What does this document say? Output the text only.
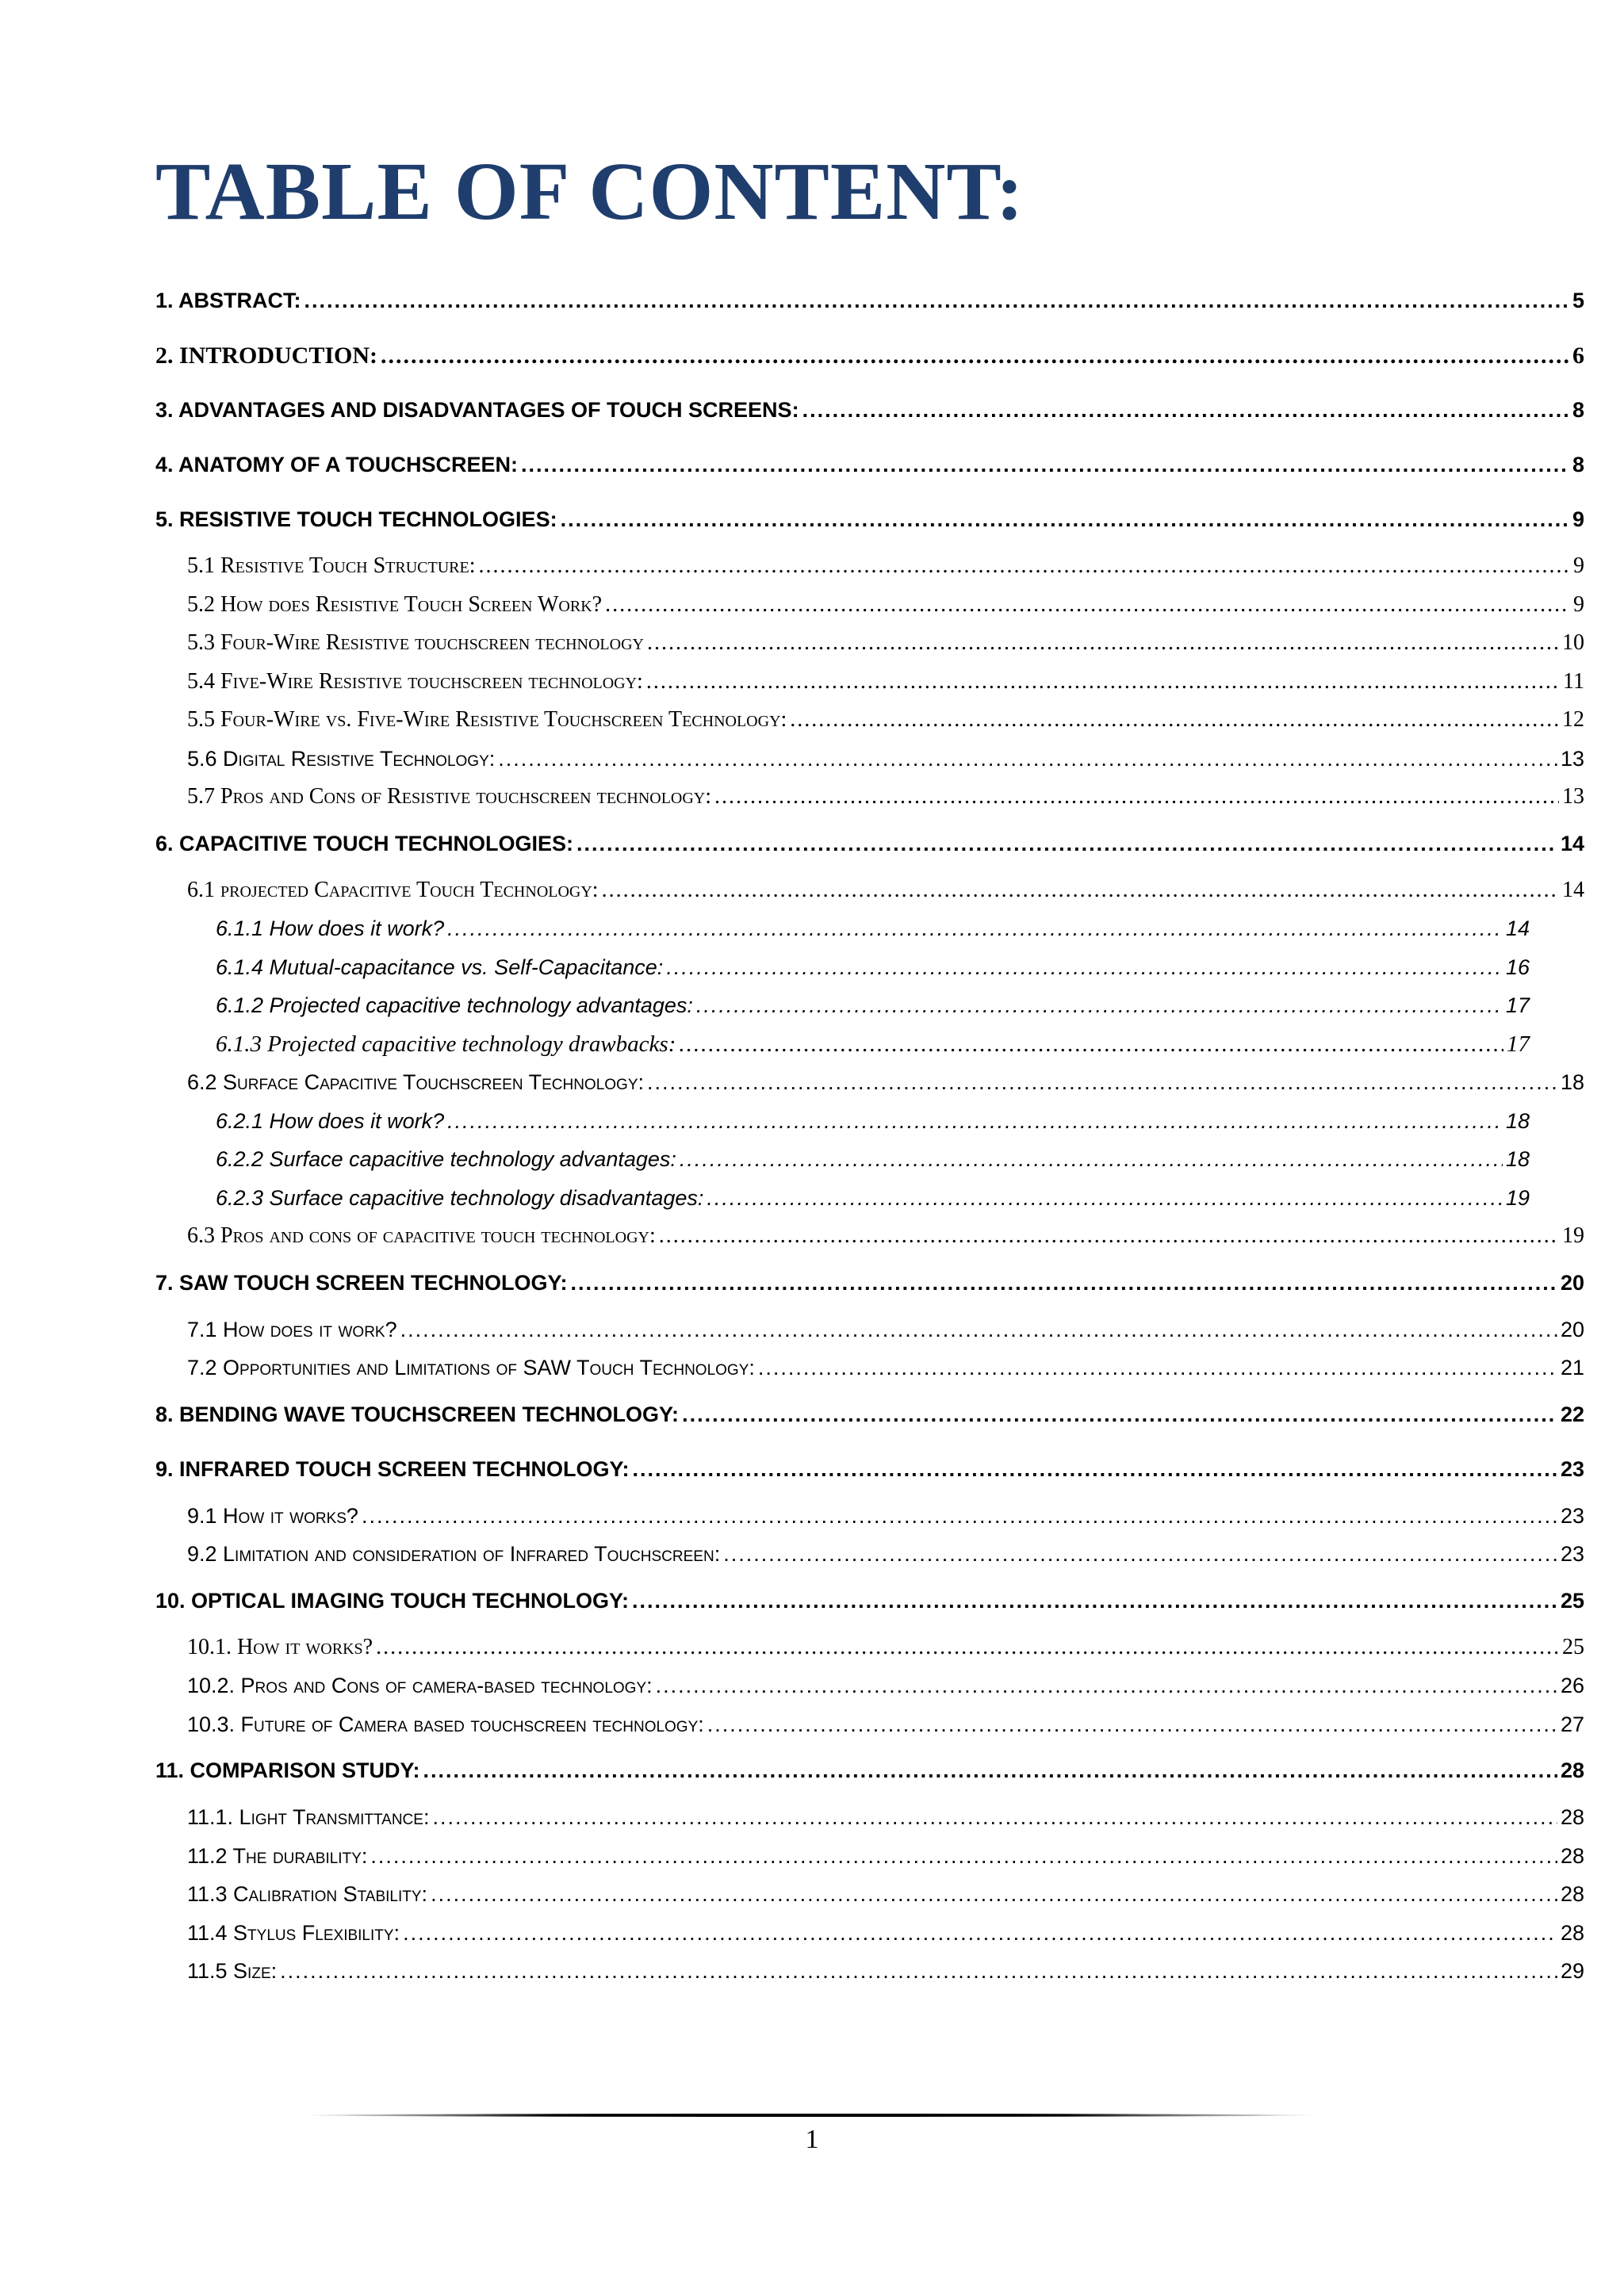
TABLE OF CONTENT:
1. ABSTRACT: .....	5
2. INTRODUCTION: .....	6
3. ADVANTAGES AND DISADVANTAGES OF TOUCH SCREENS: .....	8
4. ANATOMY OF A TOUCHSCREEN: .....	8
5. RESISTIVE TOUCH TECHNOLOGIES: .....	9
5.1 Resistive Touch Structure: .....	9
5.2 How does Resistive Touch Screen Work? .....	9
5.3 Four-Wire Resistive touchscreen technology .....	10
5.4 Five-Wire Resistive touchscreen technology: .....	11
5.5 Four-Wire vs. Five-Wire Resistive Touchscreen Technology: .....	12
5.6 Digital Resistive Technology: .....	13
5.7 Pros and Cons of Resistive touchscreen technology: .....	13
6. CAPACITIVE TOUCH TECHNOLOGIES: .....	14
6.1 projected Capacitive Touch Technology: .....	14
6.1.1 How does it work? .....	14
6.1.4 Mutual-capacitance vs. Self-Capacitance: .....	16
6.1.2 Projected capacitive technology advantages: .....	17
6.1.3 Projected capacitive technology drawbacks: .....	17
6.2 Surface Capacitive Touchscreen Technology: .....	18
6.2.1 How does it work? .....	18
6.2.2 Surface capacitive technology advantages: .....	18
6.2.3 Surface capacitive technology disadvantages: .....	19
6.3 Pros and cons of capacitive touch technology: .....	19
7. SAW TOUCH SCREEN TECHNOLOGY: .....	20
7.1 How does it work? .....	20
7.2 Opportunities and Limitations of SAW Touch Technology: .....	21
8. BENDING WAVE TOUCHSCREEN TECHNOLOGY: .....	22
9. INFRARED TOUCH SCREEN TECHNOLOGY: .....	23
9.1 How it works? .....	23
9.2 Limitation and consideration of Infrared Touchscreen: .....	23
10. OPTICAL IMAGING TOUCH TECHNOLOGY: .....	25
10.1. How it works? .....	25
10.2. Pros and Cons of camera-based technology: .....	26
10.3. Future of Camera based touchscreen technology: .....	27
11. COMPARISON STUDY: .....	28
11.1. Light Transmittance: .....	28
11.2 The durability: .....	28
11.3 Calibration Stability: .....	28
11.4 Stylus Flexibility: .....	28
11.5 Size: .....	29
1
